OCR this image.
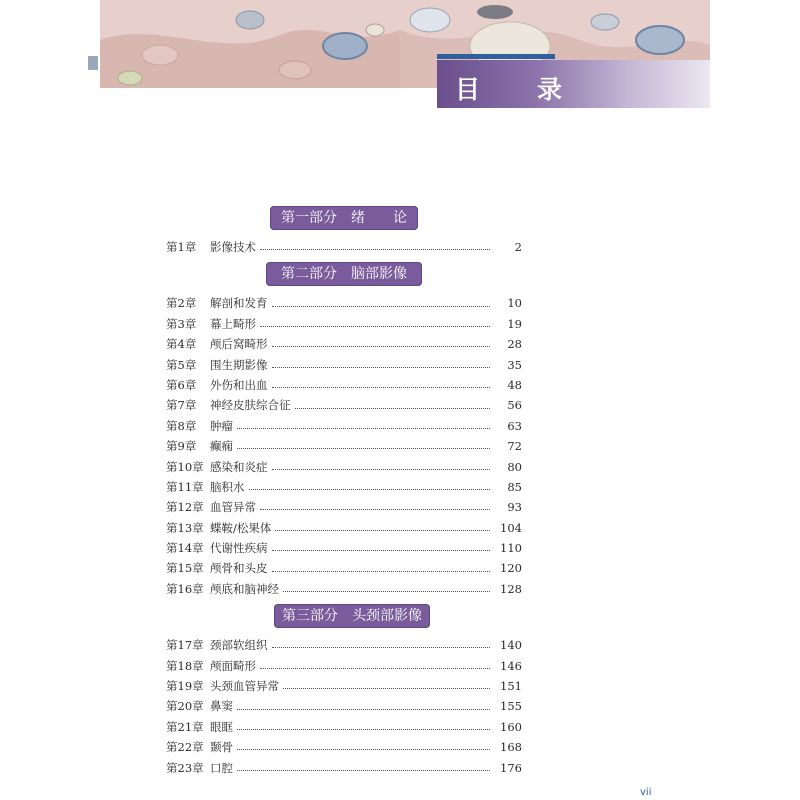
目　录
第一部分　绪　　论
第1章	影像技术	2
第二部分　脑部影像
第2章	解剖和发育	10
第3章	幕上畸形	19
第4章	颅后窝畸形	28
第5章	围生期影像	35
第6章	外伤和出血	48
第7章	神经皮肤综合征	56
第8章	肿瘤	63
第9章	癫痫	72
第10章 感染和炎症	80
第11章 脑积水	85
第12章 血管异常	93
第13章 蝶鞍/松果体	104
第14章 代谢性疾病	110
第15章 颅骨和头皮	120
第16章 颅底和脑神经	128
第三部分　头颈部影像
第17章 颈部软组织	140
第18章 颅面畸形	146
第19章 头颈血管异常	151
第20章 鼻窦	155
第21章 眼眶	160
第22章 颞骨	168
第23章 口腔	176
vii
